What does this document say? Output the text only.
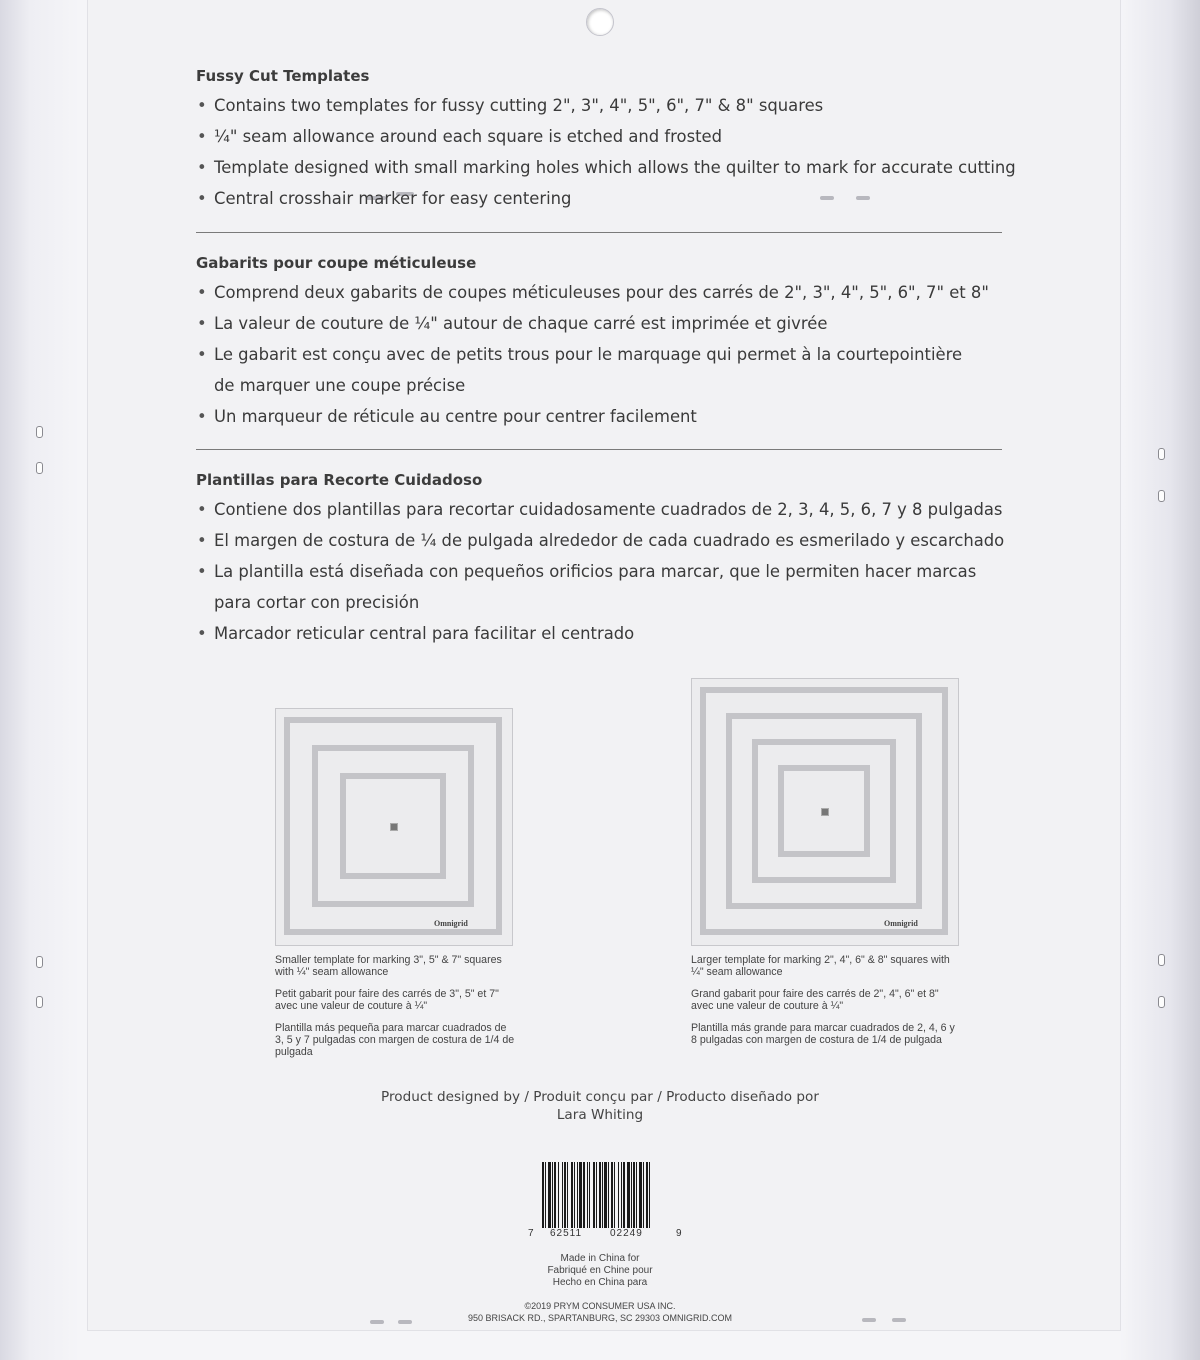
Fussy Cut Templates
• Contains two templates for fussy cutting 2", 3", 4", 5", 6", 7" & 8" squares
• ¼" seam allowance around each square is etched and frosted
• Template designed with small marking holes which allows the quilter to mark for accurate cutting
• Central crosshair marker for easy centering
Gabarits pour coupe méticuleuse
• Comprend deux gabarits de coupes méticuleuses pour des carrés de 2", 3", 4", 5", 6", 7" et 8"
• La valeur de couture de ¼" autour de chaque carré est imprimée et givrée
• Le gabarit est conçu avec de petits trous pour le marquage qui permet à la courtepointière de marquer une coupe précise
• Un marqueur de réticule au centre pour centrer facilement
Plantillas para Recorte Cuidadoso
• Contiene dos plantillas para recortar cuidadosamente cuadrados de 2, 3, 4, 5, 6, 7 y 8 pulgadas
• El margen de costura de ¼ de pulgada alrededor de cada cuadrado es esmerilado y escarchado
• La plantilla está diseñada con pequeños orificios para marcar, que le permiten hacer marcas para cortar con precisión
• Marcador reticular central para facilitar el centrado
Omnigrid

Smaller template for marking 3", 5" & 7" squares with ¼" seam allowance

Petit gabarit pour faire des carrés de 3", 5" et 7" avec une valeur de couture à ¼"

Plantilla más pequeña para marcar cuadrados de 3, 5 y 7 pulgadas con margen de costura de 1/4 de pulgada

Omnigrid

Larger template for marking 2", 4", 6" & 8" squares with ¼" seam allowance

Grand gabarit pour faire des carrés de 2", 4", 6" et 8" avec une valeur de couture à ¼"

Plantilla más grande para marcar cuadrados de 2, 4, 6 y 8 pulgadas con margen de costura de 1/4 de pulgada

Product designed by / Produit conçu par / Producto diseñado por
Lara Whiting
7 62511	02249	9
Made in China for
Fabriqué en Chine pour
Hecho en China para
©2019 PRYM CONSUMER USA INC.
950 BRISACK RD., SPARTANBURG, SC 29303 OMNIGRID.COM
